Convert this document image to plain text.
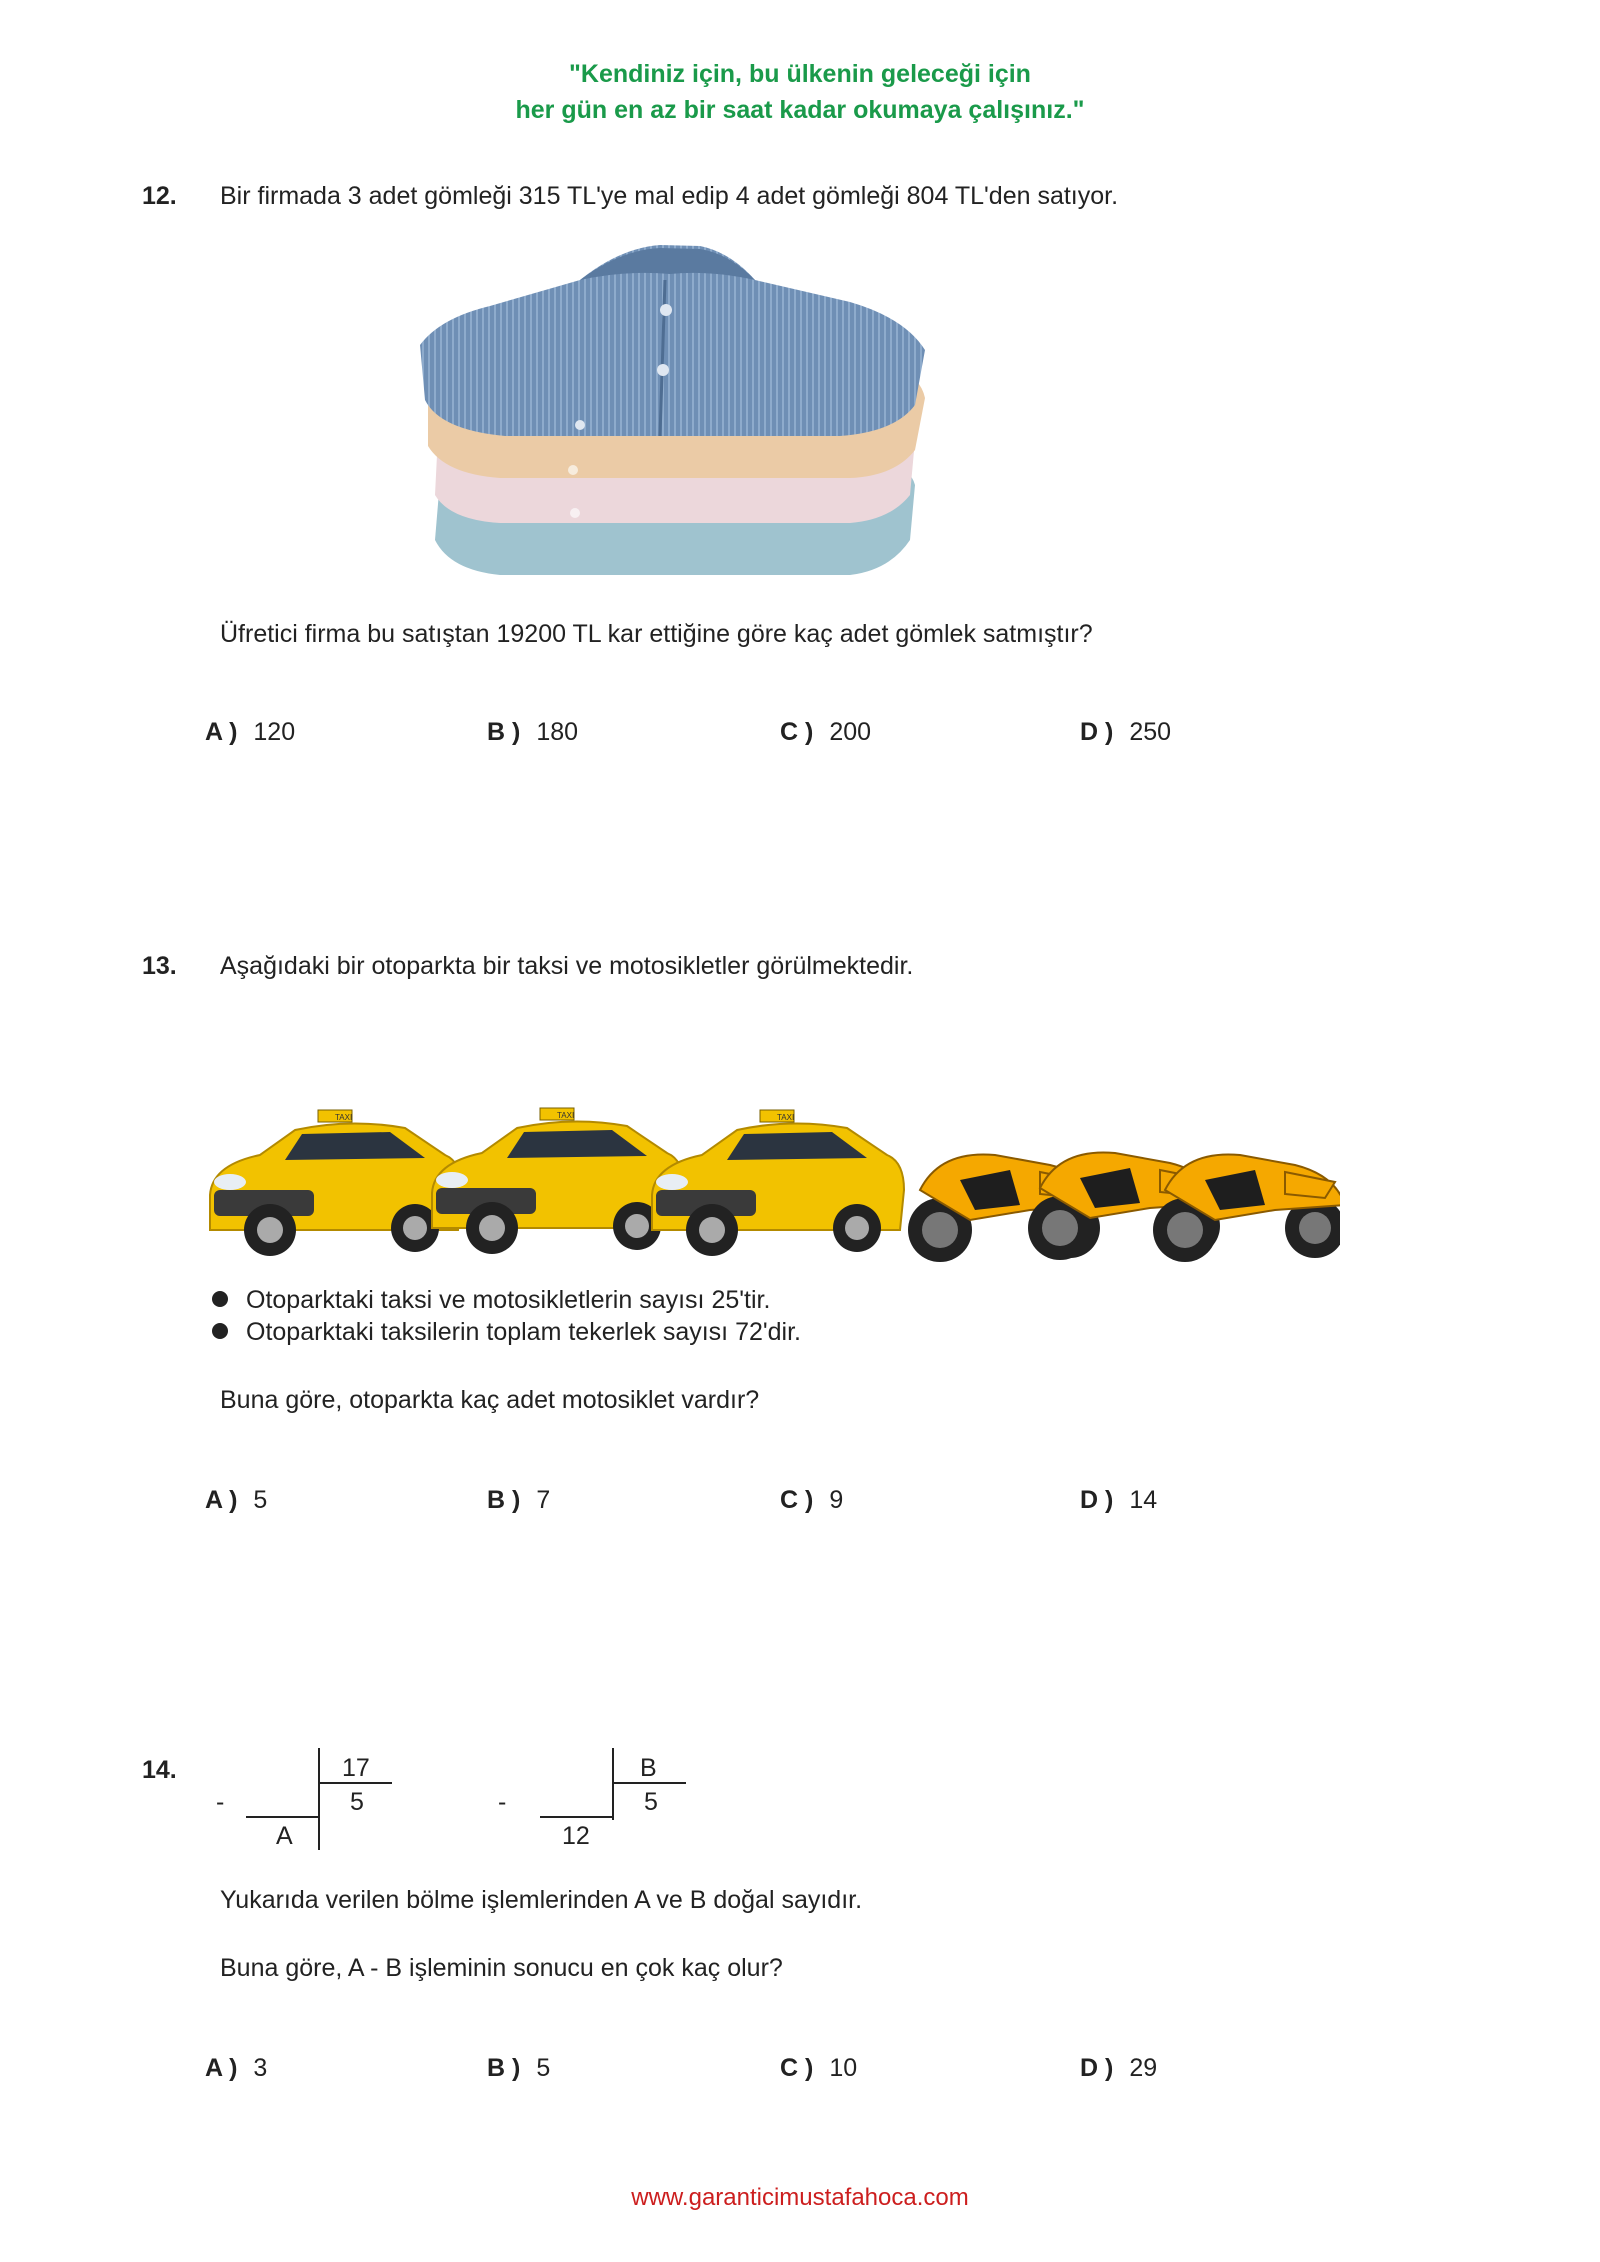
"Kendiniz için, bu ülkenin geleceği için
her gün en az bir saat kadar okumaya çalışınız."
12. Bir firmada 3 adet gömleği 315 TL'ye mal edip 4 adet gömleği 804 TL'den satıyor.
Üfretici firma bu satıştan 19200 TL kar ettiğine göre kaç adet gömlek satmıştır?
A ) 120	B ) 180	C ) 200	D ) 250
13. Aşağıdaki bir otoparkta bir taksi ve motosikletler görülmektedir.
TAXI	TAXI	TAXI
Otoparktaki taksi ve motosikletlerin sayısı 25'tir.
Otoparktaki taksilerin toplam tekerlek sayısı 72'dir.
Buna göre, otoparkta kaç adet motosiklet vardır?
A ) 5	B ) 7	C ) 9	D ) 14
14.
-
17
5
A
-
B
5
12
Yukarıda verilen bölme işlemlerinden A ve B doğal sayıdır.
Buna göre, A - B işleminin sonucu en çok kaç olur?
A ) 3	B ) 5	C ) 10	D ) 29
www.garanticimustafahoca.com
